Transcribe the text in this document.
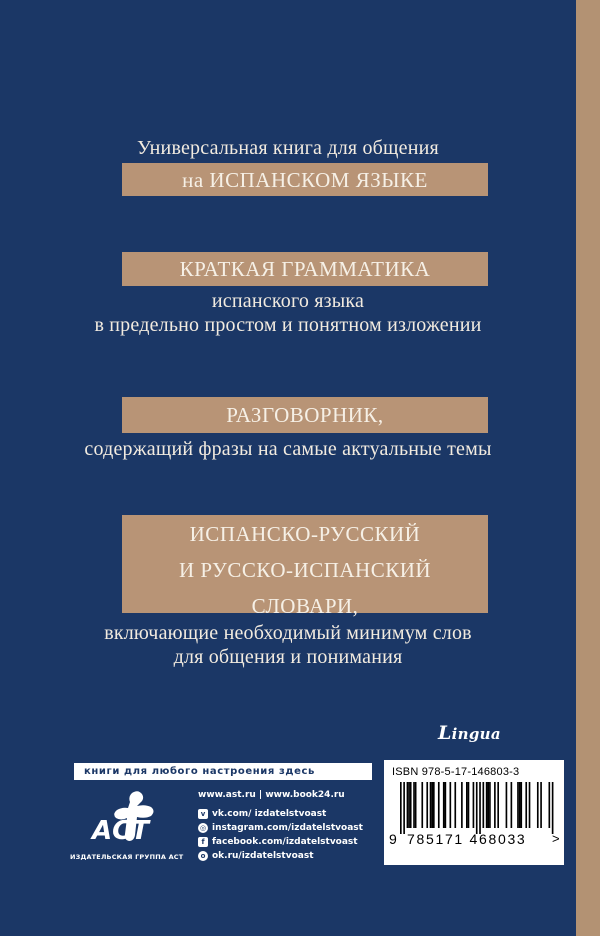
Универсальная книга для общения
на ИСПАНСКОМ ЯЗЫКЕ
КРАТКАЯ ГРАММАТИКА
испанского языка
в предельно простом и понятном изложении
РАЗГОВОРНИК,
содержащий фразы на самые актуальные темы
ИСПАНСКО-РУССКИЙ
И РУССКО-ИСПАНСКИЙ
СЛОВАРИ,
включающие необходимый минимум слов
для общения и понимания
Lingua
книги для любого настроения здесь
АСТ
ИЗДАТЕЛЬСКАЯ ГРУППА АСТ
www.ast.ru | www.book24.ru
v vk.com/ izdatelstvoast
◎ instagram.com/izdatelstvoast
f facebook.com/izdatelstvoast
o ok.ru/izdatelstvoast
ISBN 978-5-17-146803-3
9 785171 468033	>
